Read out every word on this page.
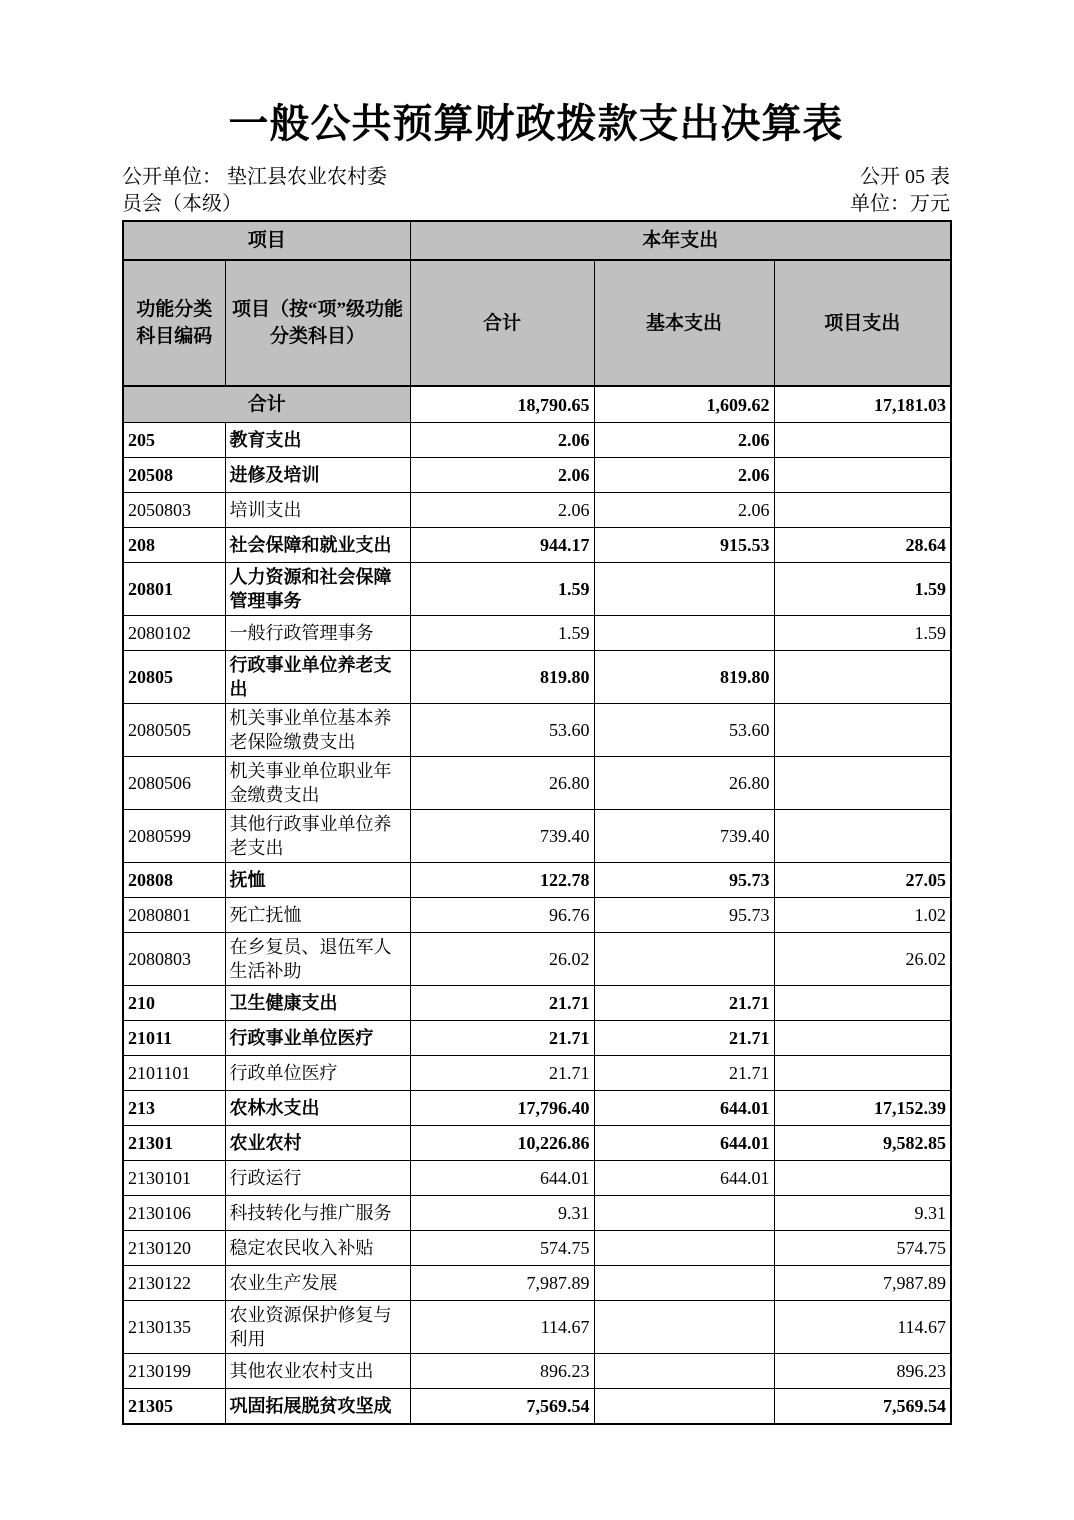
一般公共预算财政拨款支出决算表
公开单位： 垫江县农业农村委
员会（本级）
公开 05 表
单位：万元
项目		本年支出		
功能分类科目编码	项目（按“项”级功能分类科目）	合计	基本支出	项目支出
合计		18,790.65	1,609.62	17,181.03
205	教育支出	2.06	2.06	
20508	进修及培训	2.06	2.06	
2050803	培训支出	2.06	2.06	
208	社会保障和就业支出	944.17	915.53	28.64
20801	人力资源和社会保障管理事务	1.59		1.59
2080102	一般行政管理事务	1.59		1.59
20805	行政事业单位养老支出	819.80	819.80	
2080505	机关事业单位基本养老保险缴费支出	53.60	53.60	
2080506	机关事业单位职业年金缴费支出	26.80	26.80	
2080599	其他行政事业单位养老支出	739.40	739.40	
20808	抚恤	122.78	95.73	27.05
2080801	死亡抚恤	96.76	95.73	1.02
2080803	在乡复员、退伍军人生活补助	26.02		26.02
210	卫生健康支出	21.71	21.71	
21011	行政事业单位医疗	21.71	21.71	
2101101	行政单位医疗	21.71	21.71	
213	农林水支出	17,796.40	644.01	17,152.39
21301	农业农村	10,226.86	644.01	9,582.85
2130101	行政运行	644.01	644.01	
2130106	科技转化与推广服务	9.31		9.31
2130120	稳定农民收入补贴	574.75		574.75
2130122	农业生产发展	7,987.89		7,987.89
2130135	农业资源保护修复与利用	114.67		114.67
2130199	其他农业农村支出	896.23		896.23
21305	巩固拓展脱贫攻坚成	7,569.54		7,569.54
